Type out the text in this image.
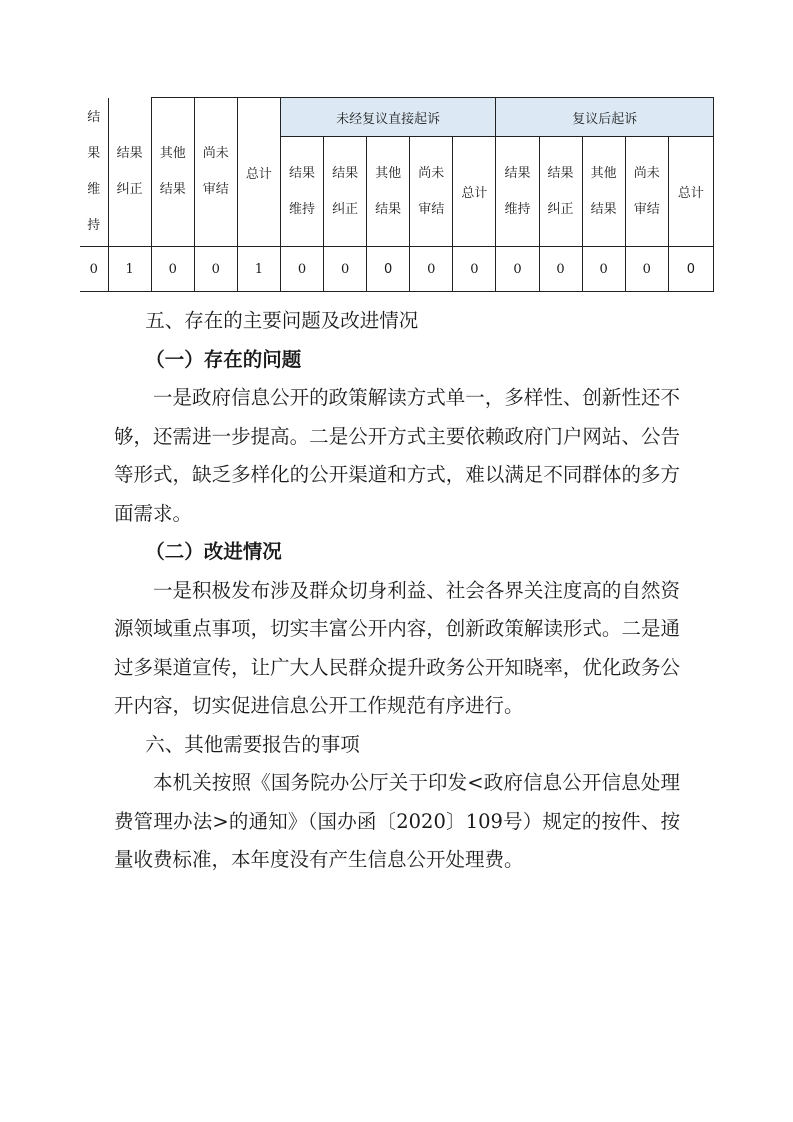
结果维持	结果纠正	其他结果	尚未审结	总计	未经复议直接起诉					复议后起诉				

					结果维持	结果纠正	其他结果	尚未审结	总计	结果维持	结果纠正	其他结果	尚未审结	总计
0	1	0	0	1	0	0	0	0	0	0	0	0	0	0

五、存在的主要问题及改进情况

（一）存在的问题

一是政府信息公开的政策解读方式单一，多样性、创新性还不够，还需进一步提高。二是公开方式主要依赖政府门户网站、公告等形式，缺乏多样化的公开渠道和方式，难以满足不同群体的多方面需求。

（二）改进情况

一是积极发布涉及群众切身利益、社会各界关注度高的自然资源领域重点事项，切实丰富公开内容，创新政策解读形式。二是通过多渠道宣传，让广大人民群众提升政务公开知晓率，优化政务公开内容，切实促进信息公开工作规范有序进行。

六、其他需要报告的事项

本机关按照《国务院办公厅关于印发<政府信息公开信息处理费管理办法>的通知》（国办函〔2020〕109号）规定的按件、按量收费标准，本年度没有产生信息公开处理费。
